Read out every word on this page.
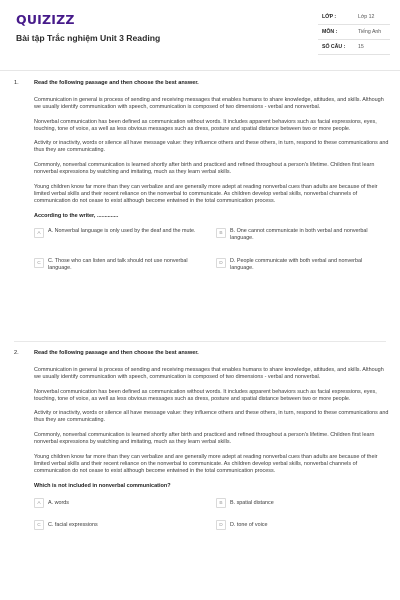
QUIZIZZ
Bài tập Trắc nghiệm Unit 3 Reading
LỚP :	Lớp 12
MÔN :	Tiếng Anh
SỐ CÂU : 15
1.	Read the following passage and then choose the best answer.

Communication in general is process of sending and receiving messages that enables humans to share knowledge, attitudes, and skills. Although we usually identify communication with speech, communication is composed of two dimensions - verbal and nonverbal.

Nonverbal communication has been defined as communication without words. It includes apparent behaviors such as facial expressions, eyes, touching, tone of voice, as well as less obvious messages such as dress, posture and spatial distance between two or more people.

Activity or inactivity, words or silence all have message value: they influence others and these others, in turn, respond to these communications and thus they are communicating.

Commonly, nonverbal communication is learned shortly after birth and practiced and refined throughout a person's lifetime. Children first learn nonverbal expressions by watching and imitating, much as they learn verbal skills.

Young children know far more than they can verbalize and are generally more adept at reading nonverbal cues than adults are because of their limited verbal skills and their recent reliance on the nonverbal to communicate. As children develop verbal skills, nonverbal channels of communication do not cease to exist although become entwined in the total communication process.

According to the writer, ..............
A	A. Nonverbal language is only used by the deaf and the mute.	B	B. One cannot communicate in both verbal and nonverbal language.
C	C. Those who can listen and talk should not use nonverbal language.
D	D. People communicate with both verbal and nonverbal language.
2.	Read the following passage and then choose the best answer.

Communication in general is process of sending and receiving messages that enables humans to share knowledge, attitudes, and skills. Although we usually identify communication with speech, communication is composed of two dimensions - verbal and nonverbal.

Nonverbal communication has been defined as communication without words. It includes apparent behaviors such as facial expressions, eyes, touching, tone of voice, as well as less obvious messages such as dress, posture and spatial distance between two or more people.

Activity or inactivity, words or silence all have message value: they influence others and these others, in turn, respond to these communications and thus they are communicating.

Commonly, nonverbal communication is learned shortly after birth and practiced and refined throughout a person's lifetime. Children first learn nonverbal expressions by watching and imitating, much as they learn verbal skills.

Young children know far more than they can verbalize and are generally more adept at reading nonverbal cues than adults are because of their limited verbal skills and their recent reliance on the nonverbal to communicate. As children develop verbal skills, nonverbal channels of communication do not cease to exist although become entwined in the total communication process.

Which is not included in nonverbal communication?
A	A. words	B	B. spatial distance
C	C. facial expressions	D	D. tone of voice
